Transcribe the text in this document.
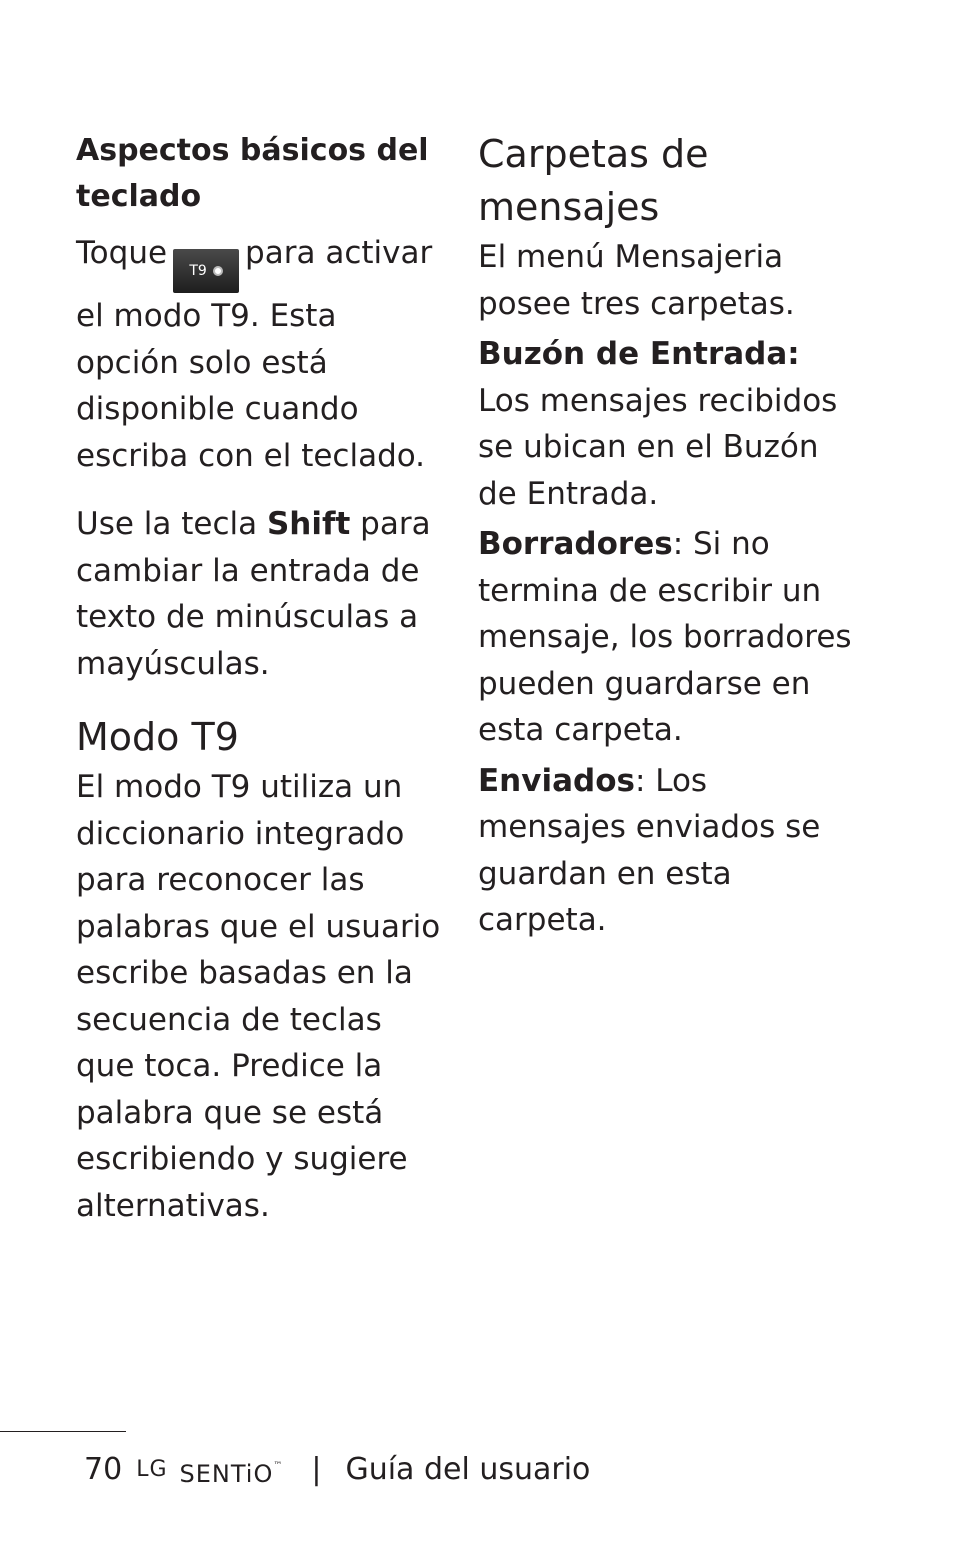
Aspectos básicos del teclado

Toque T9 para activar el modo T9. Esta opción solo está disponible cuando escriba con el teclado.

Use la tecla Shift para cambiar la entrada de texto de minúsculas a mayúsculas.

Modo T9

El modo T9 utiliza un diccionario integrado para reconocer las palabras que el usuario escribe basadas en la secuencia de teclas que toca. Predice la palabra que se está escribiendo y sugiere alternativas.

Carpetas de mensajes

El menú Mensajeria posee tres carpetas.

Buzón de Entrada: Los mensajes recibidos se ubican en el Buzón de Entrada.

Borradores: Si no termina de escribir un mensaje, los borradores pueden guardarse en esta carpeta.

Enviados: Los mensajes enviados se guardan en esta carpeta.

70 LG SENTiO™ | Guía del usuario
